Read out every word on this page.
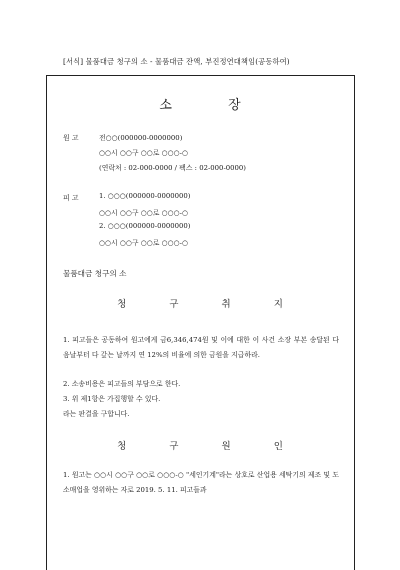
[서식] 물품대금 청구의 소 - 물품대금 잔액, 부진정연대책임(공동하여)
소 장
원 고	전○○(000000-0000000)
○○시 ○○구 ○○로 ○○○-○
(연락처 : 02-000-0000 / 팩스 : 02-000-0000)
피 고	1. ○○○(000000-0000000)
○○시 ○○구 ○○로 ○○○-○
2. ○○○(000000-0000000)
○○시 ○○구 ○○로 ○○○-○
물품대금 청구의 소
청 구 취 지
1. 피고들은 공동하여 원고에게 금6,346,474원 및 이에 대한 이 사건 소장 부본 송달된 다음날부터 다 갚는 날까지 연 12%의 비율에 의한 금원을 지급하라.
2. 소송비용은 피고들의 부담으로 한다.
3. 위 제1항은 가집행할 수 있다.
라는 판결을 구합니다.
청 구 원 인
1. 원고는 ○○시 ○○구 ○○로 ○○○-○ "세인기계"라는 상호로 산업용 세탁기의 제조 및 도소매업을 영위하는 자로 2019. 5. 11. 피고들과
